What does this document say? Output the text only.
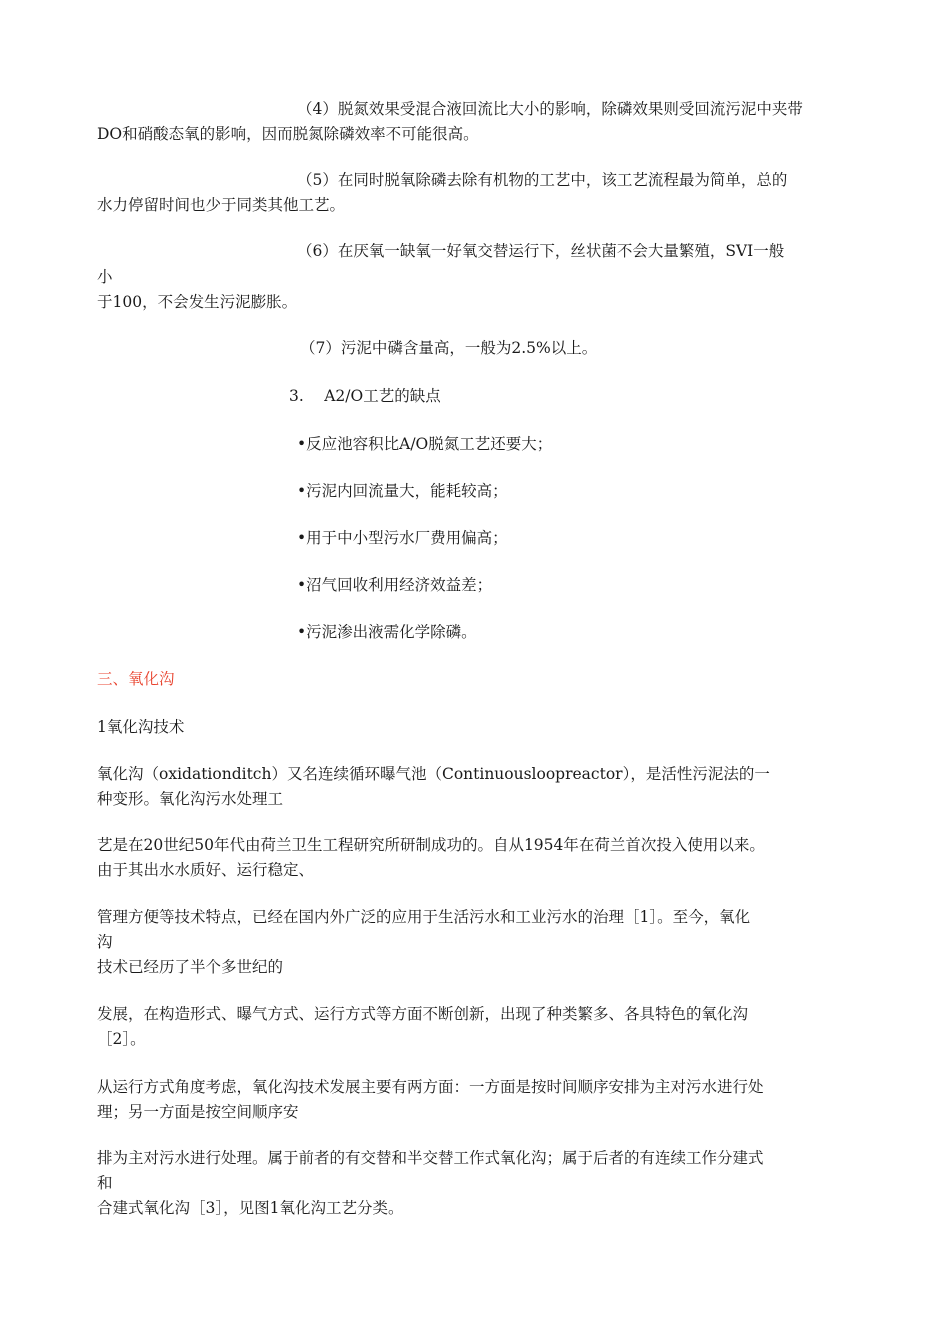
（4）脱氮效果受混合液回流比大小的影响，除磷效果则受回流污泥中夹带
DO和硝酸态氧的影响，因而脱氮除磷效率不可能很高。
（5）在同时脱氧除磷去除有机物的工艺中，该工艺流程最为简单，总的
水力停留时间也少于同类其他工艺。
（6）在厌氧一缺氧一好氧交替运行下，丝状菌不会大量繁殖，SVI一般
小
于100，不会发生污泥膨胀。
（7）污泥中磷含量高，一般为2.5%以上。
3.　 A2/O工艺的缺点
•反应池容积比A/O脱氮工艺还要大；
•污泥内回流量大，能耗较高；
•用于中小型污水厂费用偏高；
•沼气回收利用经济效益差；
•污泥渗出液需化学除磷。
三、氧化沟
1氧化沟技术
氧化沟（oxidationditch）又名连续循环曝气池（Continuousloopreactor），是活性污泥法的一
种变形。氧化沟污水处理工
艺是在20世纪50年代由荷兰卫生工程研究所研制成功的。自从1954年在荷兰首次投入使用以来。
由于其出水水质好、运行稳定、
管理方便等技术特点，已经在国内外广泛的应用于生活污水和工业污水的治理［1］。至今，氧化
沟
技术已经历了半个多世纪的
发展，在构造形式、曝气方式、运行方式等方面不断创新，出现了种类繁多、各具特色的氧化沟
［2］。
从运行方式角度考虑，氧化沟技术发展主要有两方面：一方面是按时间顺序安排为主对污水进行处
理；另一方面是按空间顺序安
排为主对污水进行处理。属于前者的有交替和半交替工作式氧化沟；属于后者的有连续工作分建式
和
合建式氧化沟［3］，见图1氧化沟工艺分类。
